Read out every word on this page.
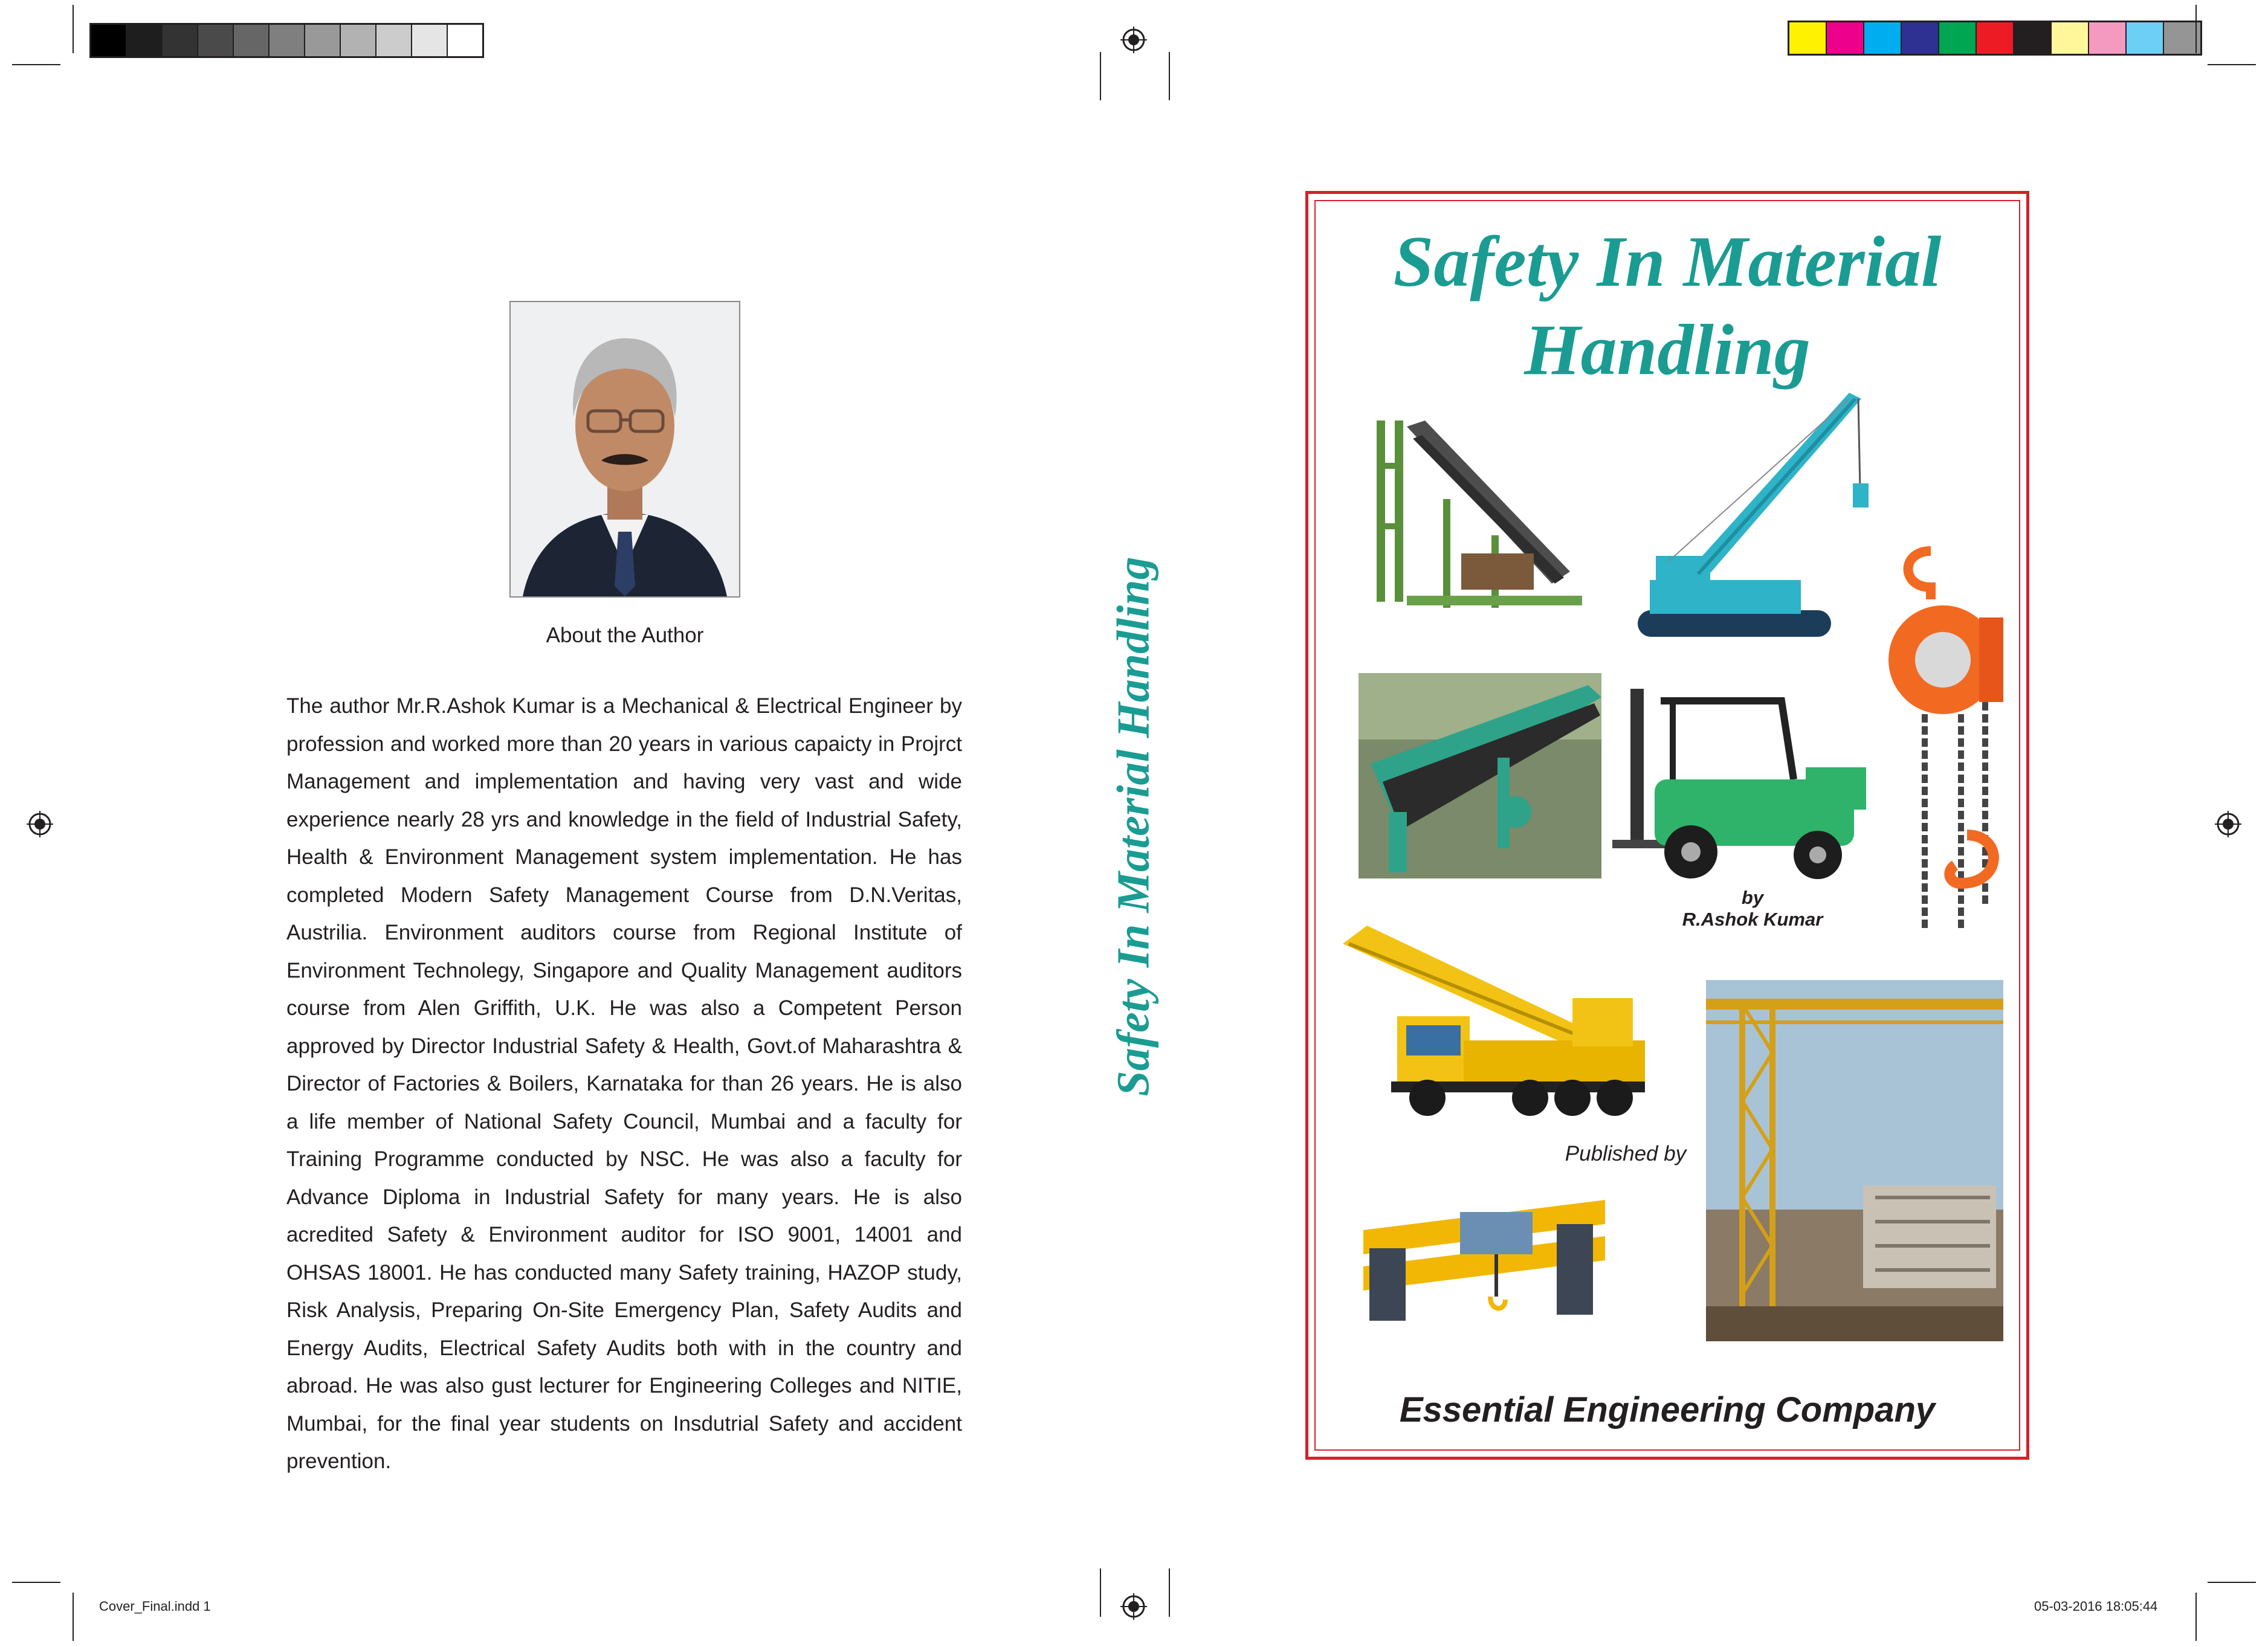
Cover_Final.indd 1	05-03-2016 18:05:44
About the Author
The author Mr.R.Ashok Kumar is a Mechanical & Electrical Engineer by profession and worked more than 20 years in various capaicty in Projrct Management and implementation and having very vast and wide experience nearly 28 yrs and knowledge in the field of Industrial Safety, Health & Environment Management system implementation. He has completed Modern Safety Management Course from D.N.Veritas, Austrilia. Environment auditors course from Regional Institute of Environment Technolegy, Singapore and Quality Management auditors course from Alen Griffith, U.K. He was also a Competent Person approved by Director Industrial Safety & Health, Govt.of Maharashtra & Director of Factories & Boilers, Karnataka for than 26 years. He is also a life member of National Safety Council, Mumbai and a faculty for Training Programme conducted by NSC. He was also a faculty for Advance Diploma in Industrial Safety for many years. He is also acredited Safety & Environment auditor for ISO 9001, 14001 and OHSAS 18001. He has conducted many Safety training, HAZOP study, Risk Analysis, Preparing On-Site Emergency Plan, Safety Audits and Energy Audits, Electrical Safety Audits both with in the country and abroad. He was also gust lecturer for Engineering Colleges and NITIE, Mumbai, for the final year students on Insdutrial Safety and accident prevention.
Safety In Material Handling
Safety In Material
Handling
by
R.Ashok Kumar
Published by
Essential Engineering Company
